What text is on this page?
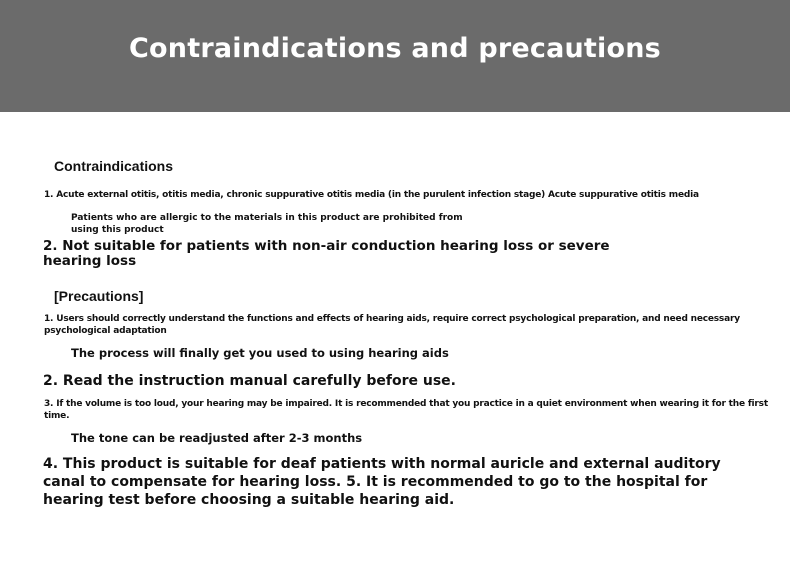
Contraindications and precautions
Contraindications
1. Acute external otitis, otitis media, chronic suppurative otitis media (in the purulent infection stage) Acute suppurative otitis media
Patients who are allergic to the materials in this product are prohibited from
using this product
2. Not suitable for patients with non-air conduction hearing loss or severe
hearing loss
[Precautions]
1. Users should correctly understand the functions and effects of hearing aids, require correct psychological preparation, and need necessary
psychological adaptation
The process will finally get you used to using hearing aids
2. Read the instruction manual carefully before use.
3. If the volume is too loud, your hearing may be impaired. It is recommended that you practice in a quiet environment when wearing it for the first
time.
The tone can be readjusted after 2-3 months
4. This product is suitable for deaf patients with normal auricle and external auditory
canal to compensate for hearing loss. 5. It is recommended to go to the hospital for
hearing test before choosing a suitable hearing aid.
